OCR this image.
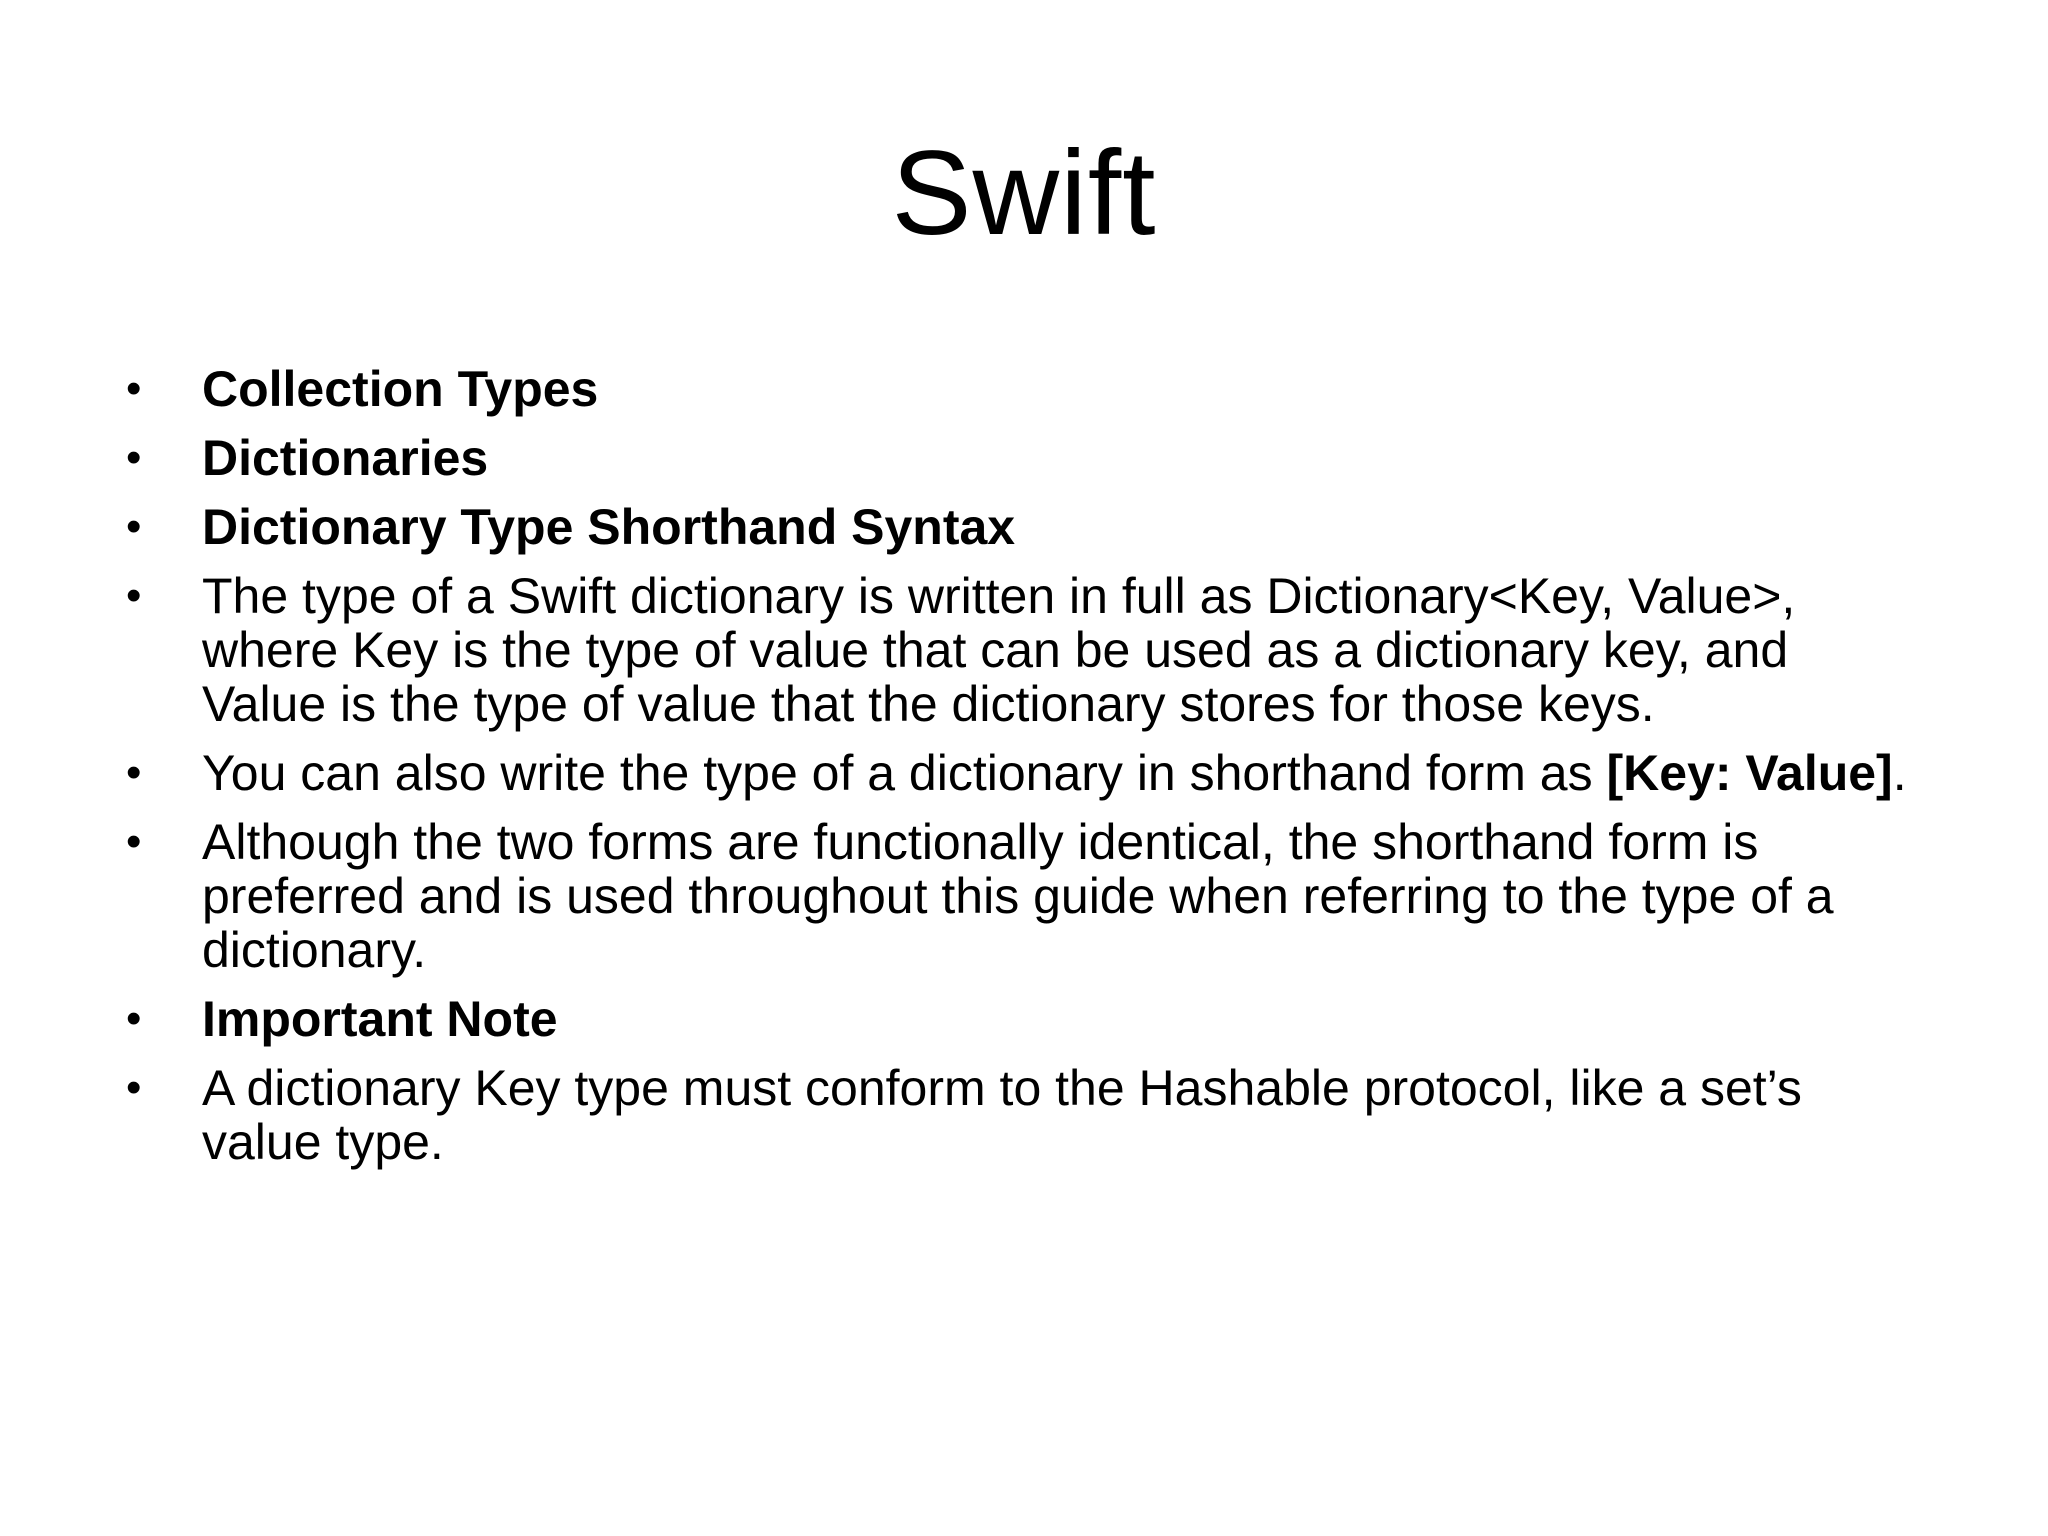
Swift
• Collection Types
• Dictionaries
• Dictionary Type Shorthand Syntax
• The type of a Swift dictionary is written in full as Dictionary<Key, Value>, where Key is the type of value that can be used as a dictionary key, and Value is the type of value that the dictionary stores for those keys.
• You can also write the type of a dictionary in shorthand form as [Key: Value].
• Although the two forms are functionally identical, the shorthand form is preferred and is used throughout this guide when referring to the type of a dictionary.
• Important Note
• A dictionary Key type must conform to the Hashable protocol, like a set’s value type.
